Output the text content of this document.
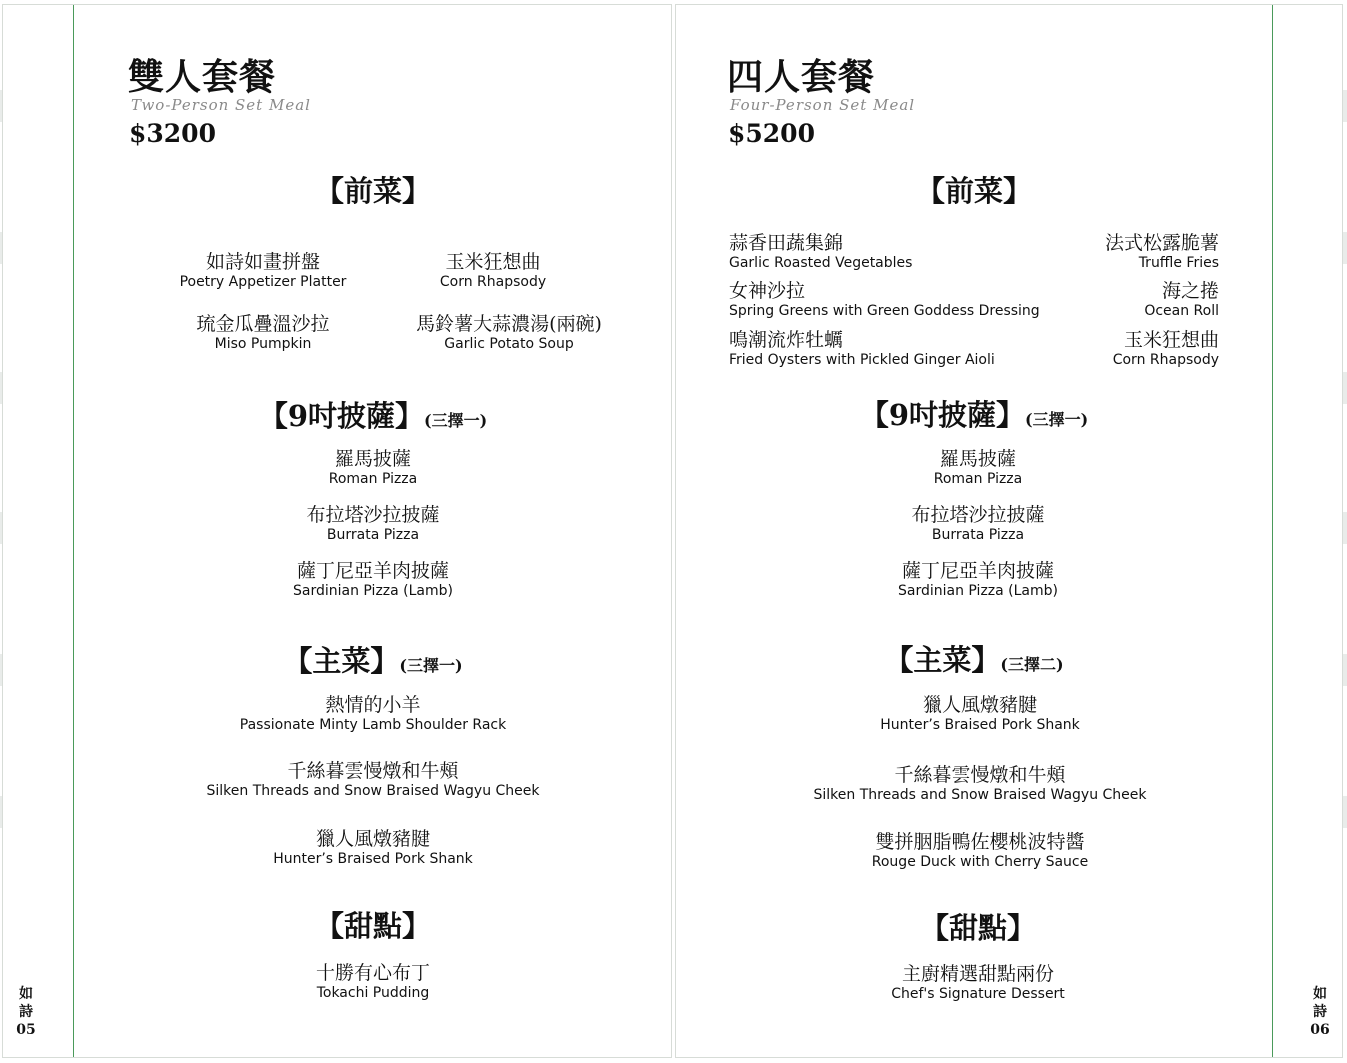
雙人套餐
Two-Person Set Meal
$3200
【前菜】
如詩如畫拼盤
Poetry Appetizer Platter
玉米狂想曲
Corn Rhapsody
琉金瓜疊溫沙拉
Miso Pumpkin
馬鈴薯大蒜濃湯(兩碗)
Garlic Potato Soup
【9吋披薩】(三擇一)
羅馬披薩
Roman Pizza
布拉塔沙拉披薩
Burrata Pizza
薩丁尼亞羊肉披薩
Sardinian Pizza (Lamb)
【主菜】(三擇一)
熱情的小羊
Passionate Minty Lamb Shoulder Rack
千絲暮雲慢燉和牛頰
Silken Threads and Snow Braised Wagyu Cheek
獵人風燉豬腱
Hunter’s Braised Pork Shank
【甜點】
十勝有心布丁
Tokachi Pudding
如
詩
05
四人套餐
Four-Person Set Meal
$5200
【前菜】
蒜香田蔬集錦
Garlic Roasted Vegetables
法式松露脆薯
Truffle Fries
女神沙拉
Spring Greens with Green Goddess Dressing
海之捲
Ocean Roll
鳴潮流炸牡蠣
Fried Oysters with Pickled Ginger Aioli
玉米狂想曲
Corn Rhapsody
【9吋披薩】(三擇一)
羅馬披薩
Roman Pizza
布拉塔沙拉披薩
Burrata Pizza
薩丁尼亞羊肉披薩
Sardinian Pizza (Lamb)
【主菜】(三擇二)
獵人風燉豬腱
Hunter’s Braised Pork Shank
千絲暮雲慢燉和牛頰
Silken Threads and Snow Braised Wagyu Cheek
雙拼胭脂鴨佐櫻桃波特醬
Rouge Duck with Cherry Sauce
【甜點】
主廚精選甜點兩份
Chef's Signature Dessert	如
詩
06
